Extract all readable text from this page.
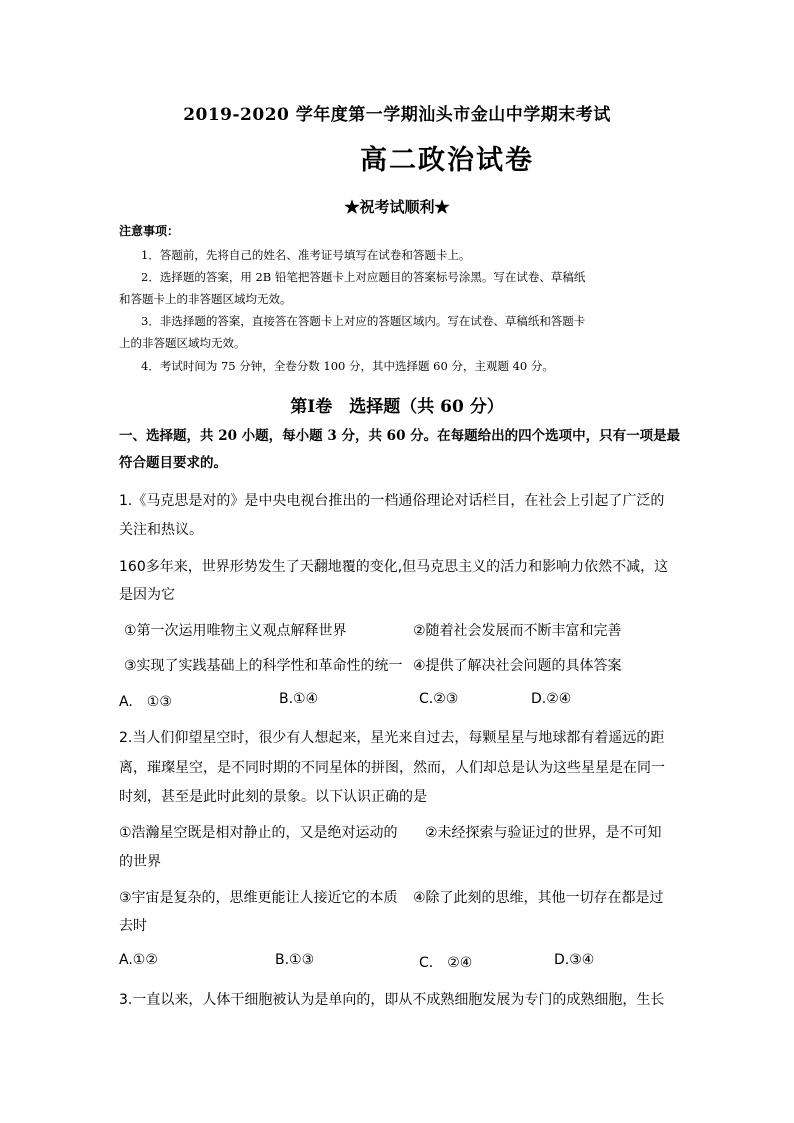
2019-2020 学年度第一学期汕头市金山中学期末考试
高二政治试卷
★祝考试顺利★
注意事项：
1．答题前，先将自己的姓名、准考证号填写在试卷和答题卡上。
2．选择题的答案，用 2B 铅笔把答题卡上对应题目的答案标号涂黑。写在试卷、草稿纸
和答题卡上的非答题区域均无效。
3．非选择题的答案，直接答在答题卡上对应的答题区域内。写在试卷、草稿纸和答题卡
上的非答题区域均无效。
4．考试时间为 75 分钟，全卷分数 100 分，其中选择题 60 分，主观题 40 分。
第Ⅰ卷　选择题（共 60 分）
一、选择题，共 20 小题，每小题 3 分，共 60 分。在每题给出的四个选项中，只有一项是最
符合题目要求的。
1.《马克思是对的》是中央电视台推出的一档通俗理论对话栏目，在社会上引起了广泛的
关注和热议。
160多年来，世界形势发生了天翻地覆的变化,但马克思主义的活力和影响力依然不减，这
是因为它
①第一次运用唯物主义观点解释世界	②随着社会发展而不断丰富和完善
③实现了实践基础上的科学性和革命性的统一 ④提供了解决社会问题的具体答案
A.　①③	B.①④	C.②③	D.②④
2.当人们仰望星空时，很少有人想起来，星光来自过去，每颗星星与地球都有着遥远的距
离，璀璨星空，是不同时期的不同星体的拼图，然而，人们却总是认为这些星星是在同一
时刻，甚至是此时此刻的景象。以下认识正确的是
①浩瀚星空既是相对静止的，又是绝对运动的 ②未经探索与验证过的世界，是不可知
的世界
③宇宙是复杂的，思维更能让人接近它的本质 ④除了此刻的思维，其他一切存在都是过
去时
A.①②	B.①③	C.　②④	D.③④
3.一直以来，人体干细胞被认为是单向的，即从不成熟细胞发展为专门的成熟细胞，生长
